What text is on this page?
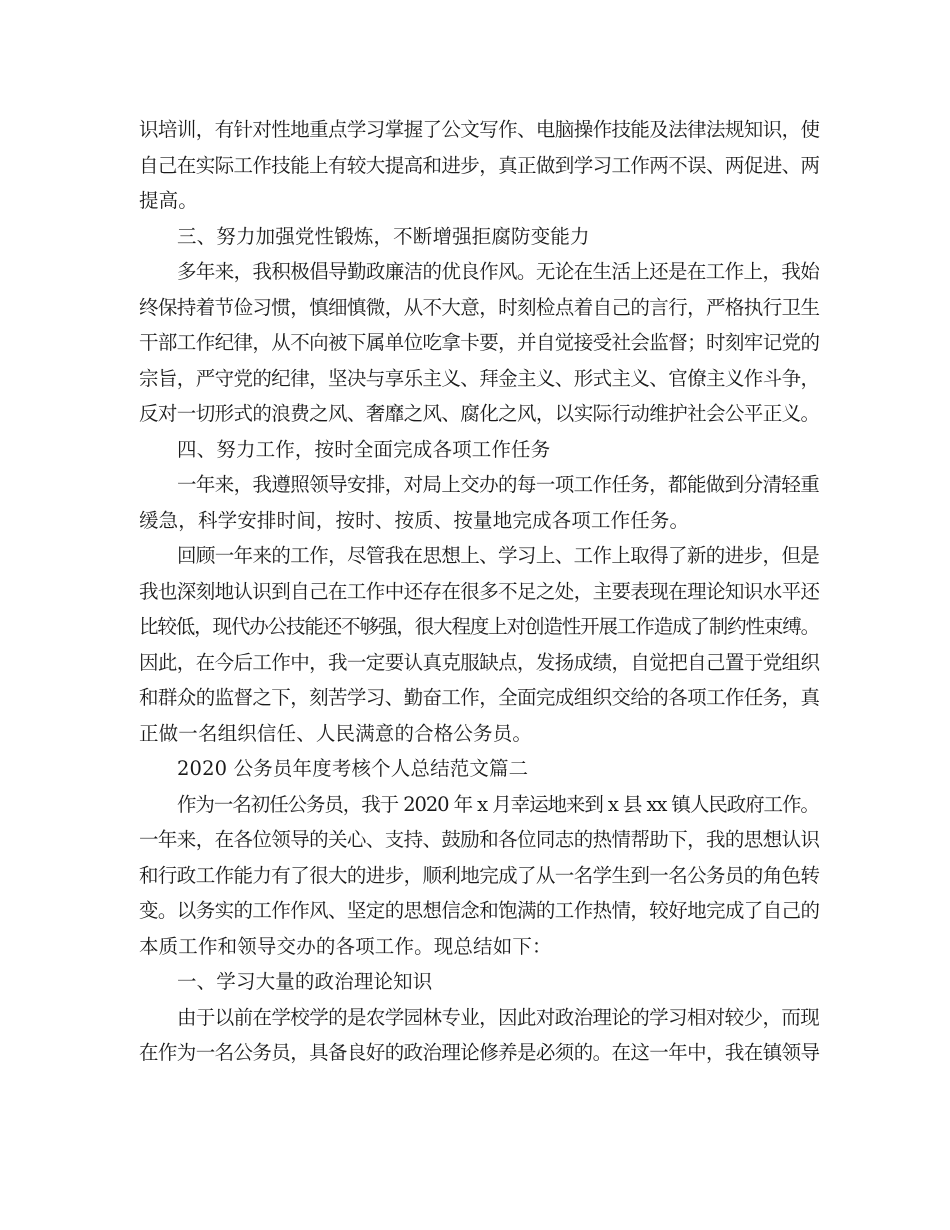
识培训，有针对性地重点学习掌握了公文写作、电脑操作技能及法律法规知识，使
自己在实际工作技能上有较大提高和进步，真正做到学习工作两不误、两促进、两
提高。
三、努力加强党性锻炼，不断增强拒腐防变能力
多年来，我积极倡导勤政廉洁的优良作风。无论在生活上还是在工作上，我始
终保持着节俭习惯，慎细慎微，从不大意，时刻检点着自己的言行，严格执行卫生
干部工作纪律，从不向被下属单位吃拿卡要，并自觉接受社会监督；时刻牢记党的
宗旨，严守党的纪律，坚决与享乐主义、拜金主义、形式主义、官僚主义作斗争，
反对一切形式的浪费之风、奢靡之风、腐化之风，以实际行动维护社会公平正义。
四、努力工作，按时全面完成各项工作任务
一年来，我遵照领导安排，对局上交办的每一项工作任务，都能做到分清轻重
缓急，科学安排时间，按时、按质、按量地完成各项工作任务。
回顾一年来的工作，尽管我在思想上、学习上、工作上取得了新的进步，但是
我也深刻地认识到自己在工作中还存在很多不足之处，主要表现在理论知识水平还
比较低，现代办公技能还不够强，很大程度上对创造性开展工作造成了制约性束缚。
因此，在今后工作中，我一定要认真克服缺点，发扬成绩，自觉把自己置于党组织
和群众的监督之下，刻苦学习、勤奋工作，全面完成组织交给的各项工作任务，真
正做一名组织信任、人民满意的合格公务员。
2020 公务员年度考核个人总结范文篇二
作为一名初任公务员，我于 2020 年 x 月幸运地来到 x 县 xx 镇人民政府工作。
一年来，在各位领导的关心、支持、鼓励和各位同志的热情帮助下，我的思想认识
和行政工作能力有了很大的进步，顺利地完成了从一名学生到一名公务员的角色转
变。以务实的工作作风、坚定的思想信念和饱满的工作热情，较好地完成了自己的
本质工作和领导交办的各项工作。现总结如下：
一、学习大量的政治理论知识
由于以前在学校学的是农学园林专业，因此对政治理论的学习相对较少，而现
在作为一名公务员，具备良好的政治理论修养是必须的。在这一年中，我在镇领导
